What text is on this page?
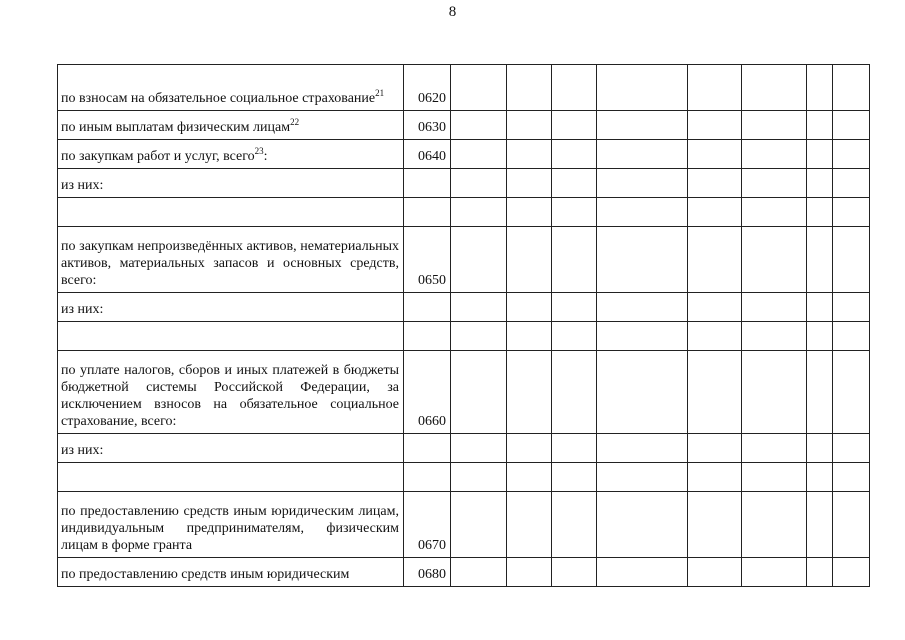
8
по взносам на обязательное социальное страхование$^{21}$	0620								
по иным выплатам физическим лицам$^{22}$	0630								
по закупкам работ и услуг, всего$^{23}$:	0640								
из них:									

по закупкам непроизведённых активов, нематериальных активов, материальных запасов и основных средств, всего:	0650								
из них:									

по уплате налогов, сборов и иных платежей в бюджеты бюджетной системы Российской Федерации, за исключением взносов на обязательное социальное страхование, всего:	0660								
из них:									

по предоставлению средств иным юридическим лицам, индивидуальным предпринимателям, физическим лицам в форме гранта	0670								
по предоставлению средств иным юридическим	0680								
